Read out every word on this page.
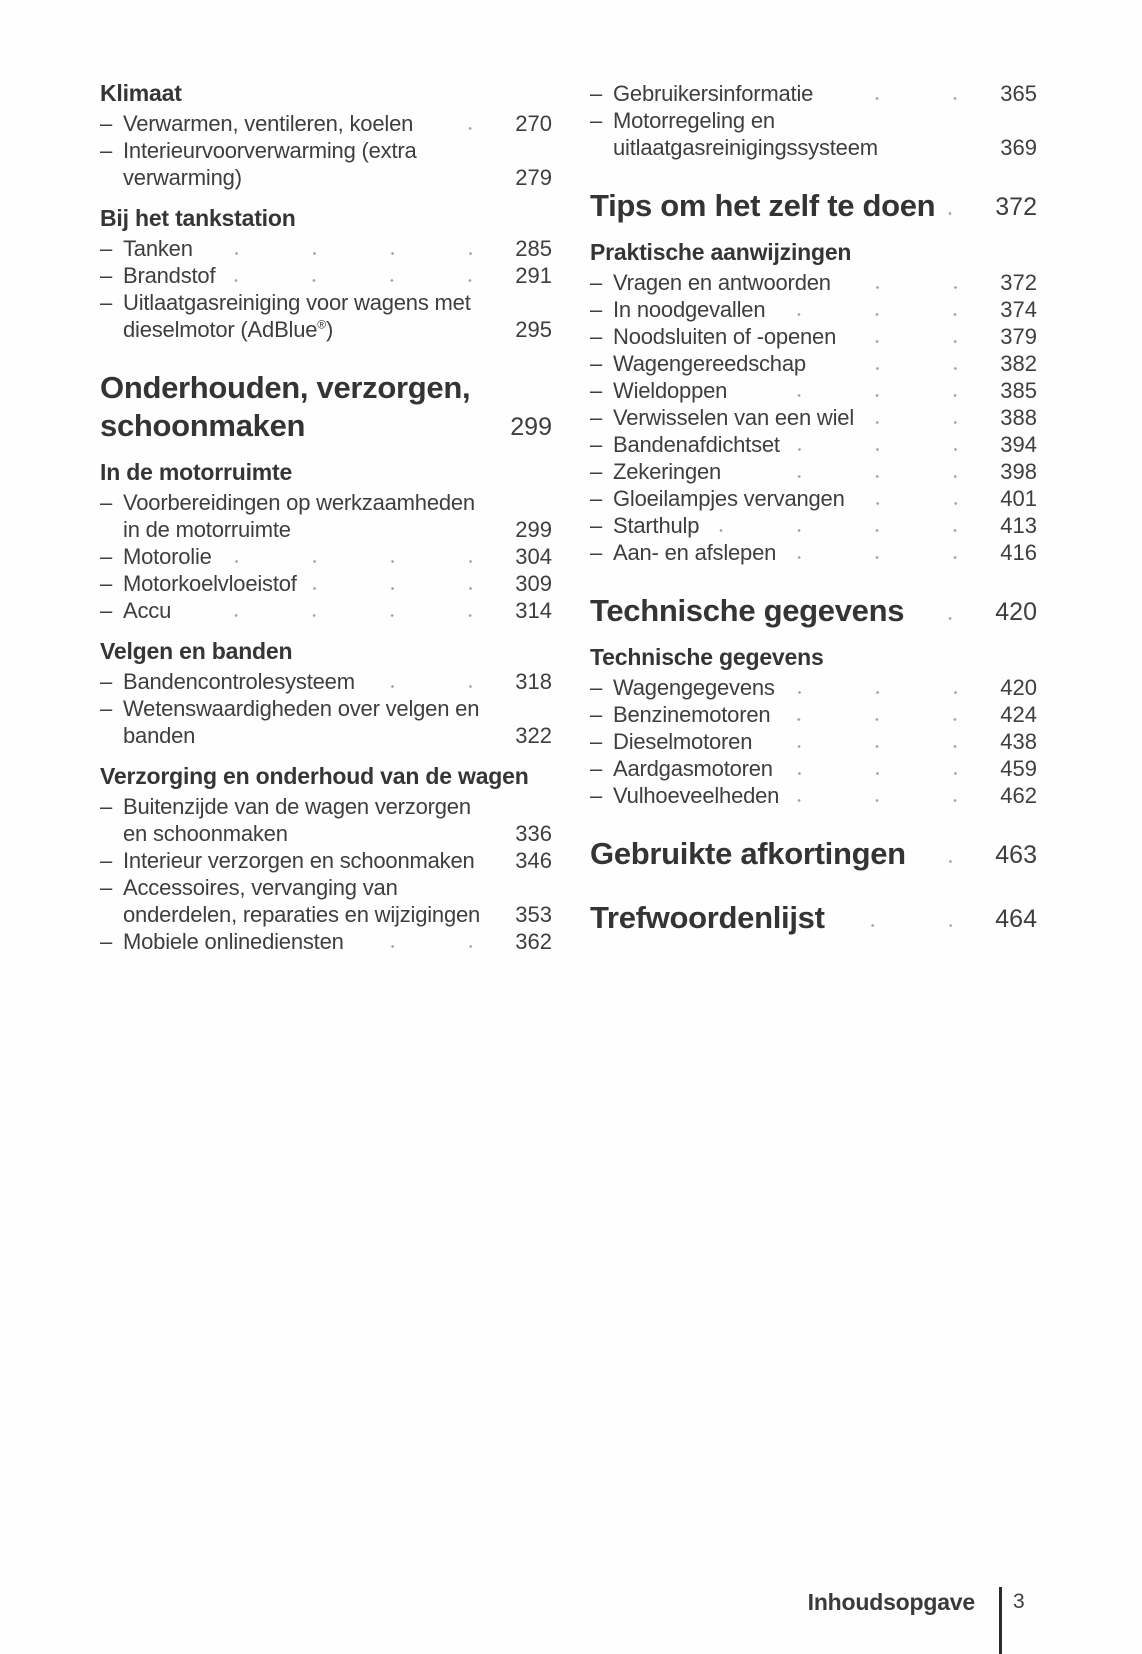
Klimaat
– Verwarmen, ventileren, koelen	270
– Interieurvoorverwarming (extra verwarming)	279
Bij het tankstation
– Tanken	285
– Brandstof	291
– Uitlaatgasreiniging voor wagens met dieselmotor (AdBlue®)	295
Onderhouden, verzorgen, schoonmaken	299
In de motorruimte
– Voorbereidingen op werkzaamheden in de motorruimte	299
– Motorolie	304
– Motorkoelvloeistof	309
– Accu	314
Velgen en banden
– Bandencontrolesysteem	318
– Wetenswaardigheden over velgen en banden	322
Verzorging en onderhoud van de wagen
– Buitenzijde van de wagen verzorgen en schoonmaken	336
– Interieur verzorgen en schoonmaken 346
– Accessoires, vervanging van onderdelen, reparaties en wijzigingen	353
– Mobiele onlinediensten	362
– Gebruikersinformatie	365
– Motorregeling en uitlaatgasreinigingssysteem	369
Tips om het zelf te doen 372
Praktische aanwijzingen
– Vragen en antwoorden	372
– In noodgevallen	374
– Noodsluiten of -openen	379
– Wagengereedschap	382
– Wieldoppen	385
– Verwisselen van een wiel	388
– Bandenafdichtset	394
– Zekeringen	398
– Gloeilampjes vervangen	401
– Starthulp	413
– Aan- en afslepen	416
Technische gegevens	420
Technische gegevens
– Wagengegevens	420
– Benzinemotoren	424
– Dieselmotoren	438
– Aardgasmotoren	459
– Vulhoeveelheden	462
Gebruikte afkortingen	463
Trefwoordenlijst	464
Inhoudsopgave 3
